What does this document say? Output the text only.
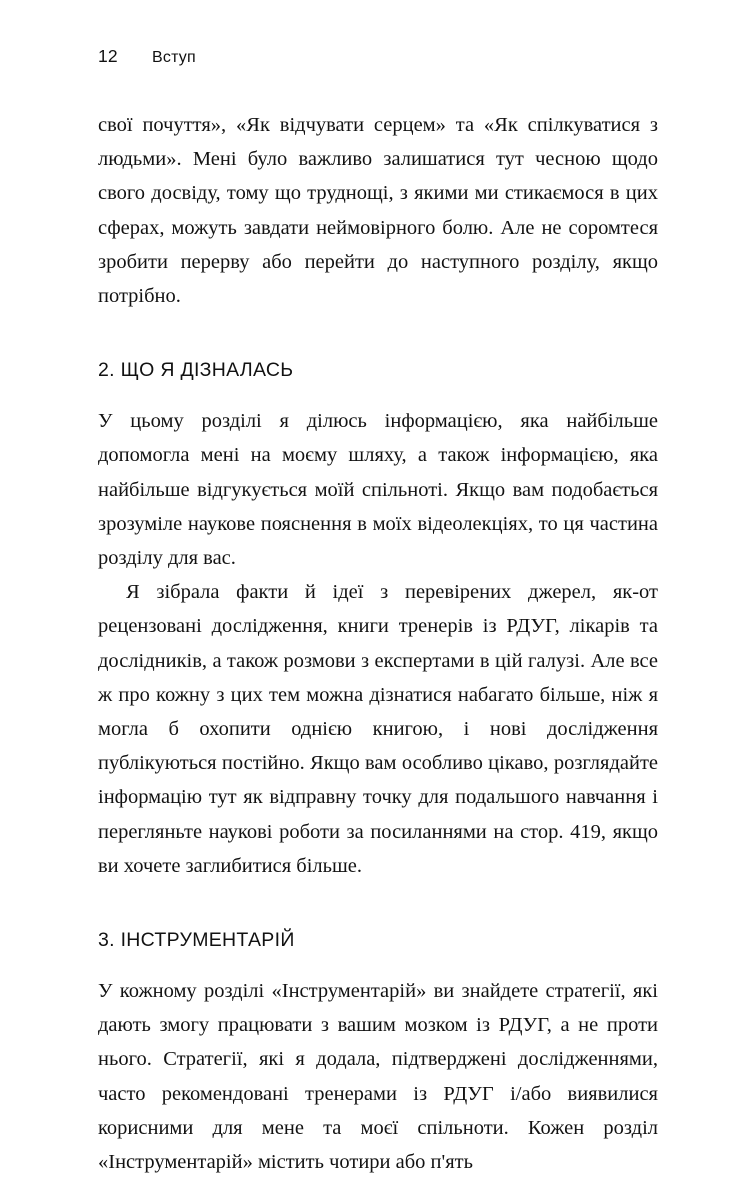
12	Вступ

свої почуття», «Як відчувати серцем» та «Як спілкуватися з людьми». Мені було важливо залишатися тут чесною щодо свого досвіду, тому що труднощі, з якими ми стикаємося в цих сферах, можуть завдати неймовірного болю. Але не соромтеся зробити перерву або перейти до наступного розділу, якщо потрібно.

2. ЩО Я ДІЗНАЛАСЬ

У цьому розділі я ділюсь інформацією, яка найбільше допомогла мені на моєму шляху, а також інформацією, яка найбільше відгукується моїй спільноті. Якщо вам подобається зрозуміле наукове пояснення в моїх відеолекціях, то ця частина розділу для вас.

Я зібрала факти й ідеї з перевірених джерел, як-от рецензовані дослідження, книги тренерів із РДУГ, лікарів та дослідників, а також розмови з експертами в цій галузі. Але все ж про кожну з цих тем можна дізнатися набагато більше, ніж я могла б охопити однією книгою, і нові дослідження публікуються постійно. Якщо вам особливо цікаво, розглядайте інформацію тут як відправну точку для подальшого навчання і перегляньте наукові роботи за посиланнями на стор. 419, якщо ви хочете заглибитися більше.

3. ІНСТРУМЕНТАРІЙ

У кожному розділі «Інструментарій» ви знайдете стратегії, які дають змогу працювати з вашим мозком із РДУГ, а не проти нього. Стратегії, які я додала, підтверджені дослідженнями, часто рекомендовані тренерами із РДУГ і/або виявилися корисними для мене та моєї спільноти. Кожен розділ «Інструментарій» містить чотири або п'ять
